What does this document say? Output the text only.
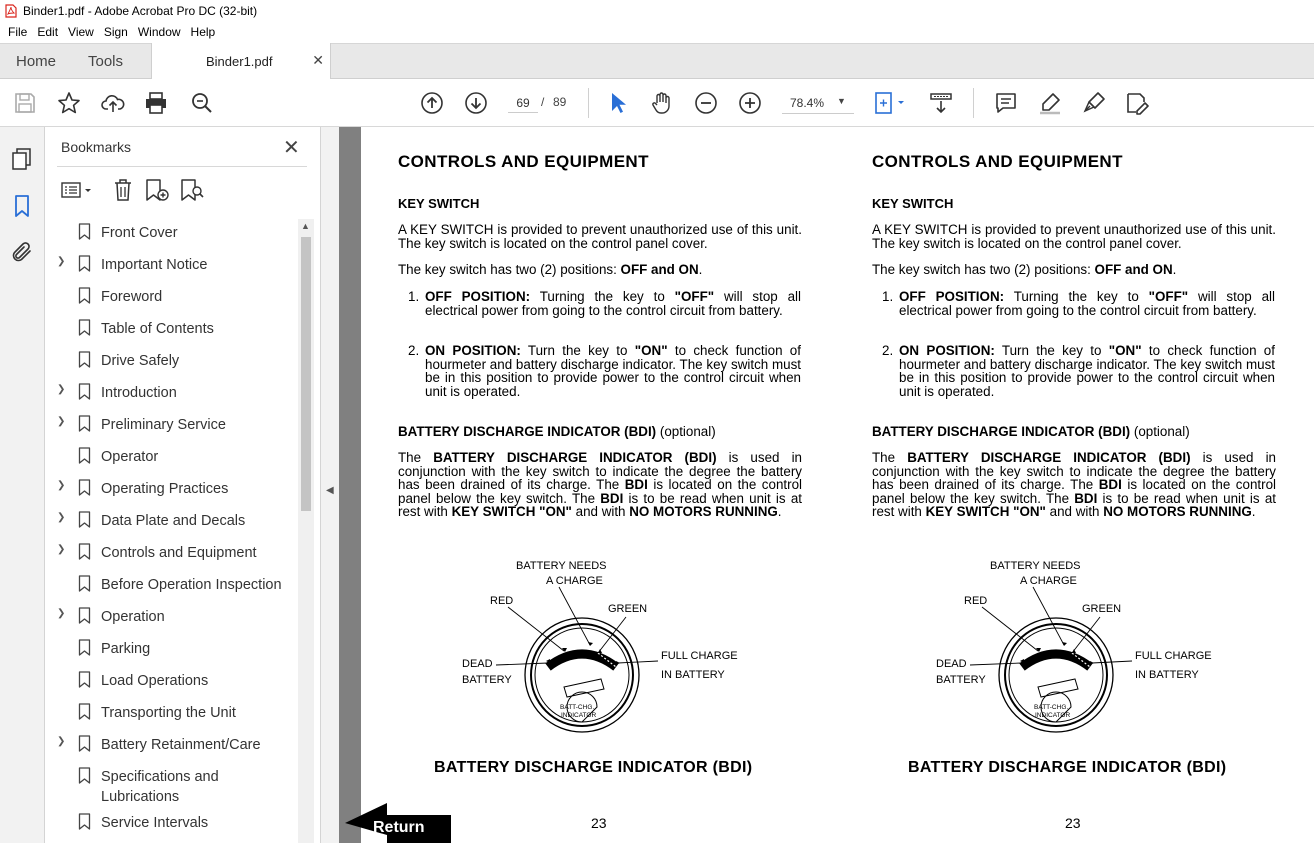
Binder1.pdf - Adobe Acrobat Pro DC (32-bit)
File Edit View Sign Window Help
Home Tools	Binder1.pdf	✕
69
/ 89	78.4% ▼
Bookmarks	✕
Front Cover
❯ Important Notice
Foreword
Table of Contents
Drive Safely
❯ Introduction
❯ Preliminary Service
Operator
❯ Operating Practices
❯ Data Plate and Decals
❯ Controls and Equipment
Before Operation Inspection
❯ Operation
Parking
Load Operations
Transporting the Unit
❯ Battery Retainment/Care
Specifications and Lubrications
Service Intervals
▲
◀
CONTROLS AND EQUIPMENT
KEY SWITCH
A KEY SWITCH is provided to prevent unauthorized use of this unit. The key switch is located on the control panel cover.
The key switch has two (2) positions: OFF and ON.
1. OFF POSITION: Turning the key to "OFF" will stop all electrical power from going to the control circuit from battery.
2. ON POSITION: Turn the key to "ON" to check function of hourmeter and battery discharge indicator. The key switch must be in this position to provide power to the control circuit when unit is operated.
BATTERY DISCHARGE INDICATOR (BDI) (optional)
The BATTERY DISCHARGE INDICATOR (BDI) is used in conjunction with the key switch to indicate the degree the battery has been drained of its charge. The BDI is located on the control panel below the key switch. The BDI is to be read when unit is at rest with KEY SWITCH "ON" and with NO MOTORS RUNNING.
BATTERY NEEDS
A CHARGE
RED
GREEN
DEAD
BATTERY
FULL CHARGE
IN BATTERY
BATT-CHG.
INDICATOR
BATTERY DISCHARGE INDICATOR (BDI)
23
CONTROLS AND EQUIPMENT
KEY SWITCH
A KEY SWITCH is provided to prevent unauthorized use of this unit. The key switch is located on the control panel cover.
The key switch has two (2) positions: OFF and ON.
1. OFF POSITION: Turning the key to "OFF" will stop all electrical power from going to the control circuit from battery.
2. ON POSITION: Turn the key to "ON" to check function of hourmeter and battery discharge indicator. The key switch must be in this position to provide power to the control circuit when unit is operated.
BATTERY DISCHARGE INDICATOR (BDI) (optional)
The BATTERY DISCHARGE INDICATOR (BDI) is used in conjunction with the key switch to indicate the degree the battery has been drained of its charge. The BDI is located on the control panel below the key switch. The BDI is to be read when unit is at rest with KEY SWITCH "ON" and with NO MOTORS RUNNING.
BATTERY NEEDS
A CHARGE
RED
GREEN
DEAD
BATTERY
FULL CHARGE
IN BATTERY
BATT-CHG.
INDICATOR
BATTERY DISCHARGE INDICATOR (BDI)
23
Return
